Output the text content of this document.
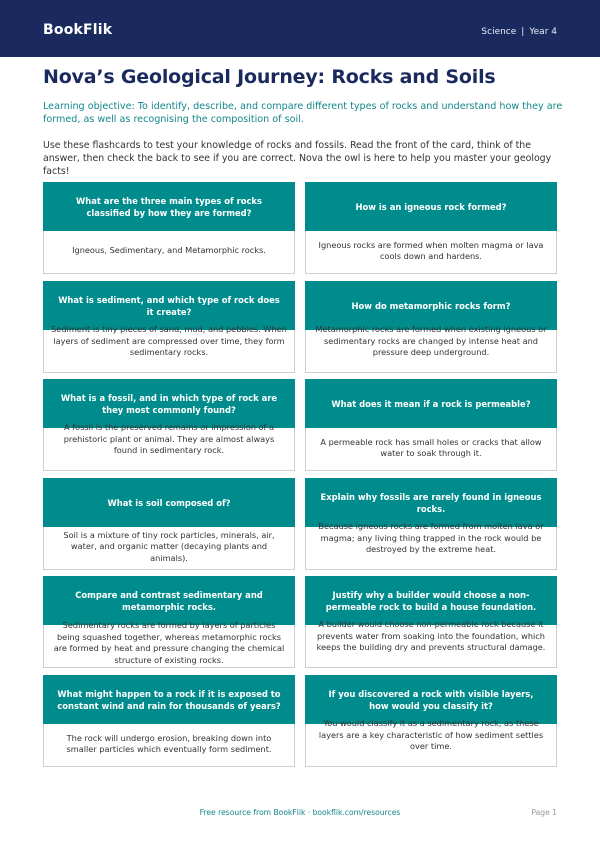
BookFlik	Science | Year 4
Nova’s Geological Journey: Rocks and Soils

Learning objective: To identify, describe, and compare different types of rocks and understand how they are formed, as well as recognising the composition of soil.

Use these flashcards to test your knowledge of rocks and fossils. Read the front of the card, think of the answer, then check the back to see if you are correct. Nova the owl is here to help you master your geology facts!

What are the three main types of rocks classified by how they are formed?
Igneous, Sedimentary, and Metamorphic rocks.
How is an igneous rock formed?
Igneous rocks are formed when molten magma or lava cools down and hardens.
What is sediment, and which type of rock does it create?
Sediment is tiny pieces of sand, mud, and pebbles. When layers of sediment are compressed over time, they form sedimentary rocks.
How do metamorphic rocks form?
Metamorphic rocks are formed when existing igneous or sedimentary rocks are changed by intense heat and pressure deep underground.
What is a fossil, and in which type of rock are they most commonly found?
A fossil is the preserved remains or impression of a prehistoric plant or animal. They are almost always found in sedimentary rock.
What does it mean if a rock is permeable?
A permeable rock has small holes or cracks that allow water to soak through it.
What is soil composed of?
Soil is a mixture of tiny rock particles, minerals, air, water, and organic matter (decaying plants and animals).
Explain why fossils are rarely found in igneous rocks.
Because igneous rocks are formed from molten lava or magma; any living thing trapped in the rock would be destroyed by the extreme heat.
Compare and contrast sedimentary and metamorphic rocks.
Sedimentary rocks are formed by layers of particles being squashed together, whereas metamorphic rocks are formed by heat and pressure changing the chemical structure of existing rocks.
Justify why a builder would choose a non-permeable rock to build a house foundation.
A builder would choose non-permeable rock because it prevents water from soaking into the foundation, which keeps the building dry and prevents structural damage.
What might happen to a rock if it is exposed to constant wind and rain for thousands of years?
The rock will undergo erosion, breaking down into smaller particles which eventually form sediment.
If you discovered a rock with visible layers, how would you classify it?
You would classify it as a sedimentary rock, as these layers are a key characteristic of how sediment settles over time.
Free resource from BookFlik · bookflik.com/resources	Page 1
